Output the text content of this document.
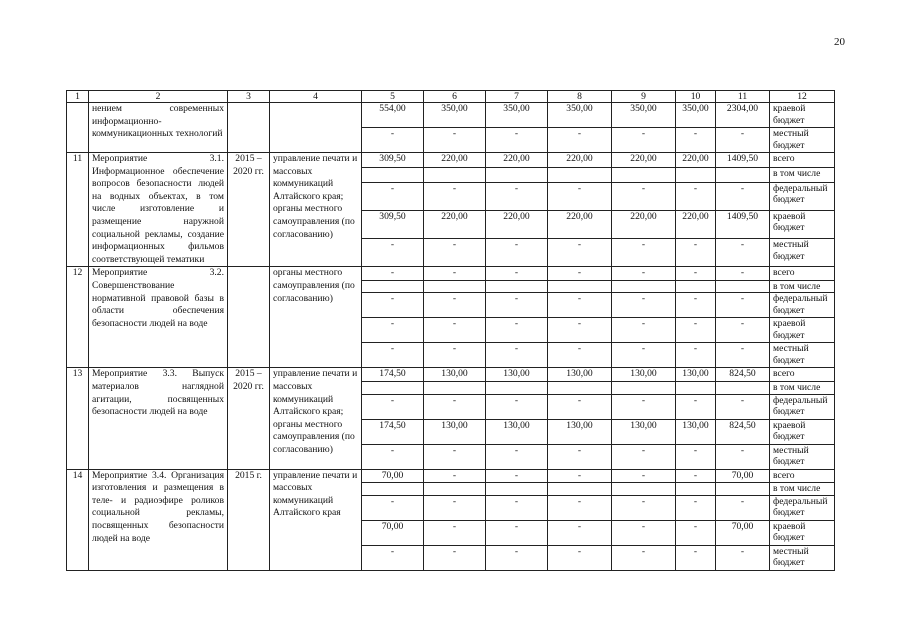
20
1	2	3	4	5	6	7	8	9	10	11	12
	нением современных информационно-коммуникационных технологий			554,00	350,00	350,00	350,00	350,00	350,00	2304,00	краевой бюджет
				-	-	-	-	-	-	-	местный бюджет
11	Мероприятие 3.1. Информационное обеспечение вопросов безопасности людей на водных объектах, в том числе изготовление и размещение наружной социальной рекламы, создание информационных фильмов соответствующей тематики	2015 – 2020 гг.	управление печати и массовых коммуникаций Алтайского края; органы местного самоуправления (по согласованию)	309,50	220,00	220,00	220,00	220,00	220,00	1409,50	всего
											в том числе
				-	-	-	-	-	-	-	федеральный бюджет
				309,50	220,00	220,00	220,00	220,00	220,00	1409,50	краевой бюджет
				-	-	-	-	-	-	-	местный бюджет
12	Мероприятие 3.2. Совершенствование нормативной правовой базы в области обеспечения безопасности людей на воде		органы местного самоуправления (по согласованию)	-	-	-	-	-	-	-	всего
											в том числе
				-	-	-	-	-	-	-	федеральный бюджет
				-	-	-	-	-	-	-	краевой бюджет
				-	-	-	-	-	-	-	местный бюджет
13	Мероприятие 3.3. Выпуск материалов наглядной агитации, посвященных безопасности людей на воде	2015 – 2020 гг.	управление печати и массовых коммуникаций Алтайского края; органы местного самоуправления (по согласованию)	174,50	130,00	130,00	130,00	130,00	130,00	824,50	всего
											в том числе
				-	-	-	-	-	-	-	федеральный бюджет
				174,50	130,00	130,00	130,00	130,00	130,00	824,50	краевой бюджет
				-	-	-	-	-	-	-	местный бюджет
14	Мероприятие 3.4. Организация изготовления и размещения в теле- и радиоэфире роликов социальной рекламы, посвященных безопасности людей на воде	2015 г.	управление печати и массовых коммуникаций Алтайского края	70,00	-	-	-	-	-	70,00	всего
											в том числе
				-	-	-	-	-	-	-	федеральный бюджет
				70,00	-	-	-	-	-	70,00	краевой бюджет
				-	-	-	-	-	-	-	местный бюджет
